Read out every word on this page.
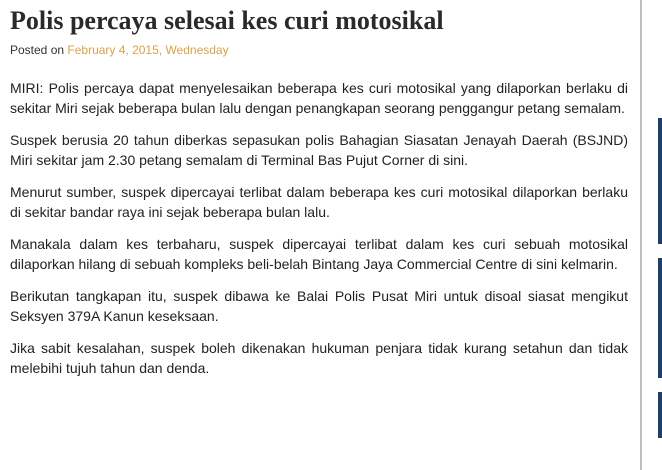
Polis percaya selesai kes curi motosikal
Posted on February 4, 2015, Wednesday

MIRI: Polis percaya dapat menyelesaikan beberapa kes curi motosikal yang dilaporkan berlaku di sekitar Miri sejak beberapa bulan lalu dengan penangkapan seorang penggangur petang semalam.

Suspek berusia 20 tahun diberkas sepasukan polis Bahagian Siasatan Jenayah Daerah (BSJND) Miri sekitar jam 2.30 petang semalam di Terminal Bas Pujut Corner di sini.

Menurut sumber, suspek dipercayai terlibat dalam beberapa kes curi motosikal dilaporkan berlaku di sekitar bandar raya ini sejak beberapa bulan lalu.

Manakala dalam kes terbaharu, suspek dipercayai terlibat dalam kes curi sebuah motosikal dilaporkan hilang di sebuah kompleks beli-belah Bintang Jaya Commercial Centre di sini kelmarin.

Berikutan tangkapan itu, suspek dibawa ke Balai Polis Pusat Miri untuk disoal siasat mengikut Seksyen 379A Kanun keseksaan.

Jika sabit kesalahan, suspek boleh dikenakan hukuman penjara tidak kurang setahun dan tidak melebihi tujuh tahun dan denda.
